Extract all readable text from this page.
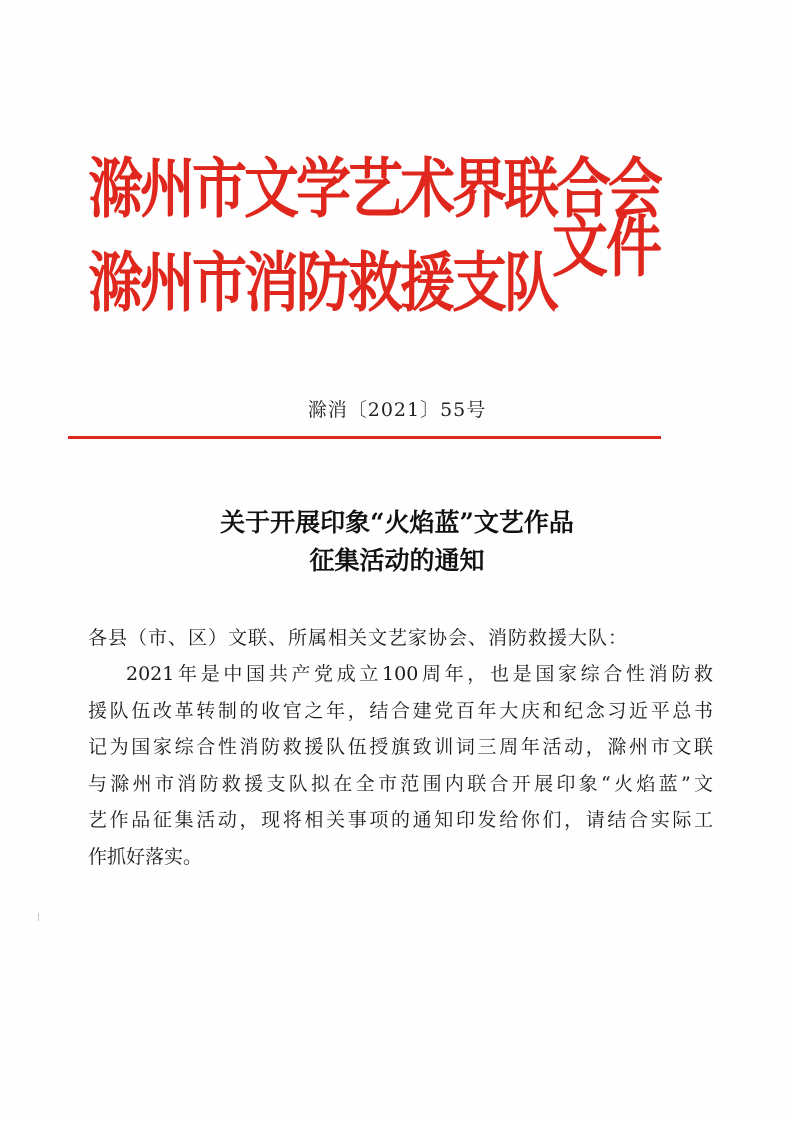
滁州市文学艺术界联合会
滁州市消防救援支队
文件
滁消〔2021〕55号
关于开展印象“火焰蓝”文艺作品
征集活动的通知
各县（市、区）文联、所属相关文艺家协会、消防救援大队：
2021年是中国共产党成立100周年，也是国家综合性消防救
援队伍改革转制的收官之年，结合建党百年大庆和纪念习近平总书
记为国家综合性消防救援队伍授旗致训词三周年活动，滁州市文联
与滁州市消防救援支队拟在全市范围内联合开展印象“火焰蓝”文
艺作品征集活动，现将相关事项的通知印发给你们，请结合实际工
作抓好落实。
